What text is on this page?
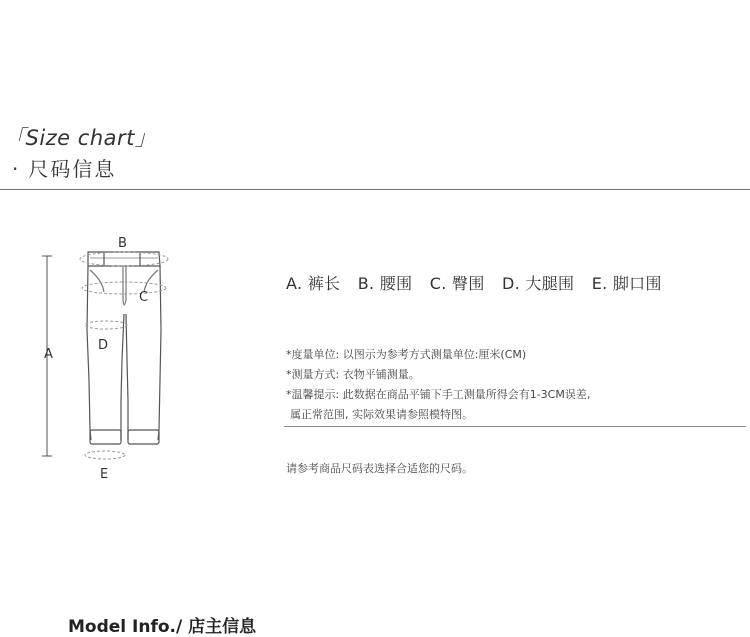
「Size chart」
· 尺码信息
A
B
C
D
E
A. 裤长 B. 腰围 C. 臀围 D. 大腿围 E. 脚口围
*度量单位: 以图示为参考方式测量单位:厘米(CM)
*测量方式: 衣物平铺测量。
*温馨提示: 此数据在商品平铺下手工测量所得会有1-3CM误差,
属正常范围, 实际效果请参照模特图。
请参考商品尺码表选择合适您的尺码。
Model Info./ 店主信息
